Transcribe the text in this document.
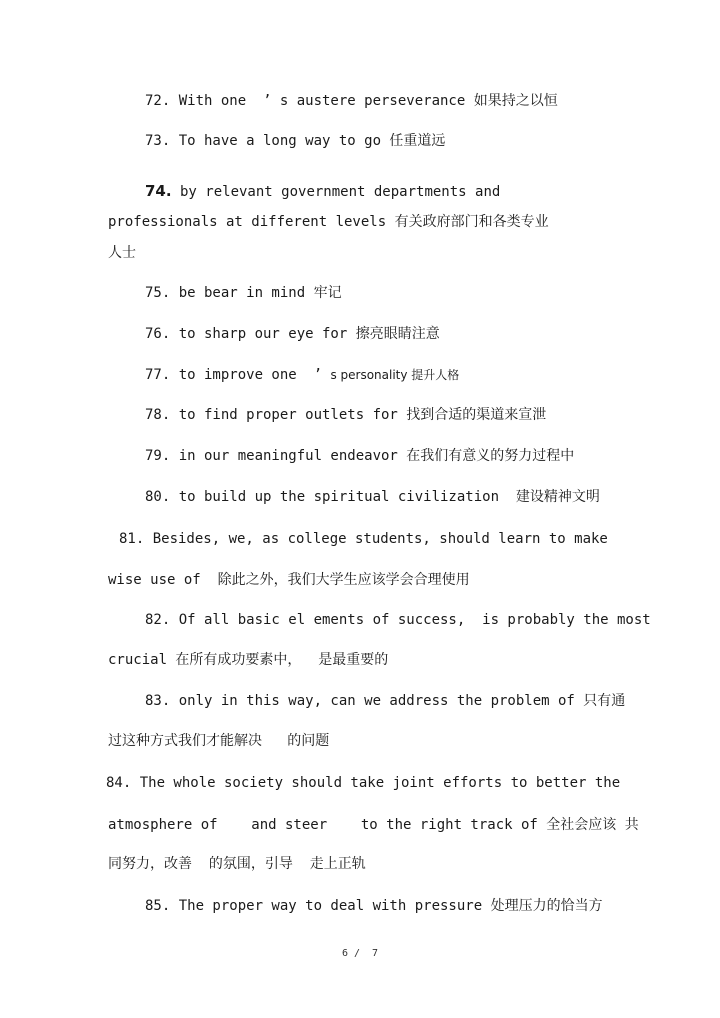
72. With one  ’ s austere perseverance 如果持之以恒
73. To have a long way to go 任重道远
74. by relevant government departments and
professionals at different levels 有关政府部门和各类专业
人士
75. be bear in mind 牢记
76. to sharp our eye for 擦亮眼睛注意
77. to improve one  ’ s personality 提升人格
78. to find proper outlets for 找到合适的渠道来宣泄
79. in our meaningful endeavor 在我们有意义的努力过程中
80. to build up the spiritual civilization  建设精神文明
81. Besides, we, as college students, should learn to make
wise use of  除此之外，我们大学生应该学会合理使用
82. Of all basic el ements of success,  is probably the most
crucial 在所有成功要素中，  是最重要的
83. only in this way, can we address the problem of 只有通
过这种方式我们才能解决   的问题
84. The whole society should take joint efforts to better the
atmosphere of    and steer    to the right track of 全社会应该 共
同努力，改善  的氛围，引导  走上正轨
85. The proper way to deal with pressure 处理压力的恰当方
6 /  7
